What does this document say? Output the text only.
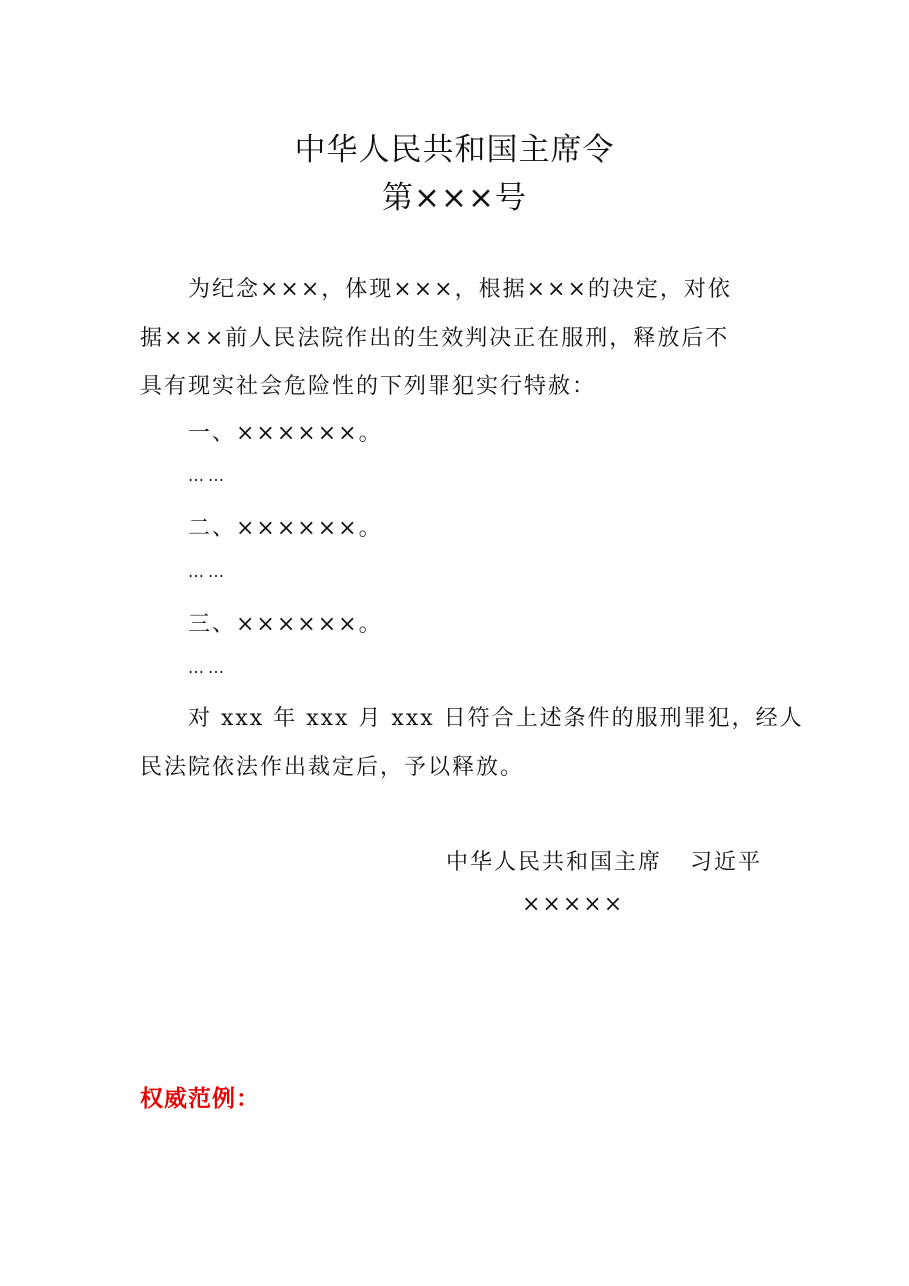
中华人民共和国主席令
第×××号
为纪念×××，体现×××，根据×××的决定，对依
据×××前人民法院作出的生效判决正在服刑，释放后不
具有现实社会危险性的下列罪犯实行特赦：
一、××××××。
……
二、××××××。
……
三、××××××。
……
对 xxx 年 xxx 月 xxx 日符合上述条件的服刑罪犯，经人
民法院依法作出裁定后，予以释放。
中华人民共和国主席 习近平
×××××
权威范例：
